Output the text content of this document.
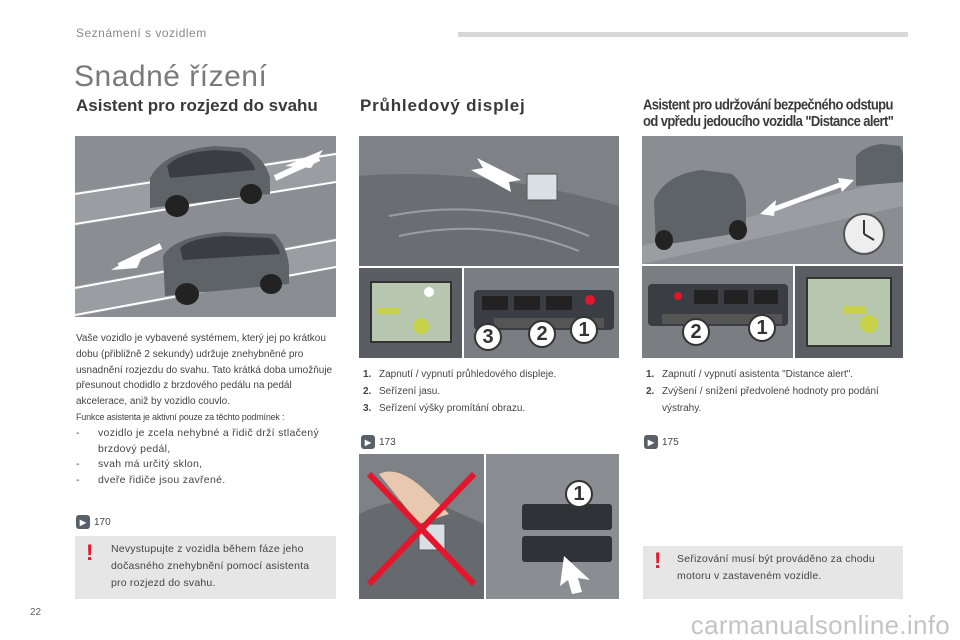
Seznámení s vozidlem
Snadné řízení
Asistent pro rozjezd do svahu Průhledový displej	Asistent pro udržování bezpečného odstupu
od vpředu jedoucího vozidla "Distance alert"
3	2	1	2	1
Vaše vozidlo je vybavené systémem, který jej po krátkou dobu (přibližně 2 sekundy) udržuje znehybněné pro usnadnění rozjezdu do svahu. Tato krátká doba umožňuje přesunout chodidlo z brzdového pedálu na pedál akcelerace, aniž by vozidlo couvlo.
Funkce asistenta je aktivní pouze za těchto podmínek :
- vozidlo je zcela nehybné a řidič drží stlačený brzdový pedál,
- svah má určitý sklon,
- dveře řidiče jsou zavřené.
▶ 170
Nevystupujte z vozidla během fáze jeho dočasného znehybnění pomocí asistenta pro rozjezd do svahu.
!
1. Zapnutí / vypnutí průhledového displeje.
2. Seřízení jasu.
3. Seřízení výšky promítání obrazu.
▶ 173
1
1. Zapnutí / vypnutí asistenta "Distance alert".
2. Zvýšení / snížení předvolené hodnoty pro podání výstrahy.
▶ 175
Seřizování musí být prováděno za chodu motoru v zastaveném vozidle.
!
22	carmanualsonline.info
